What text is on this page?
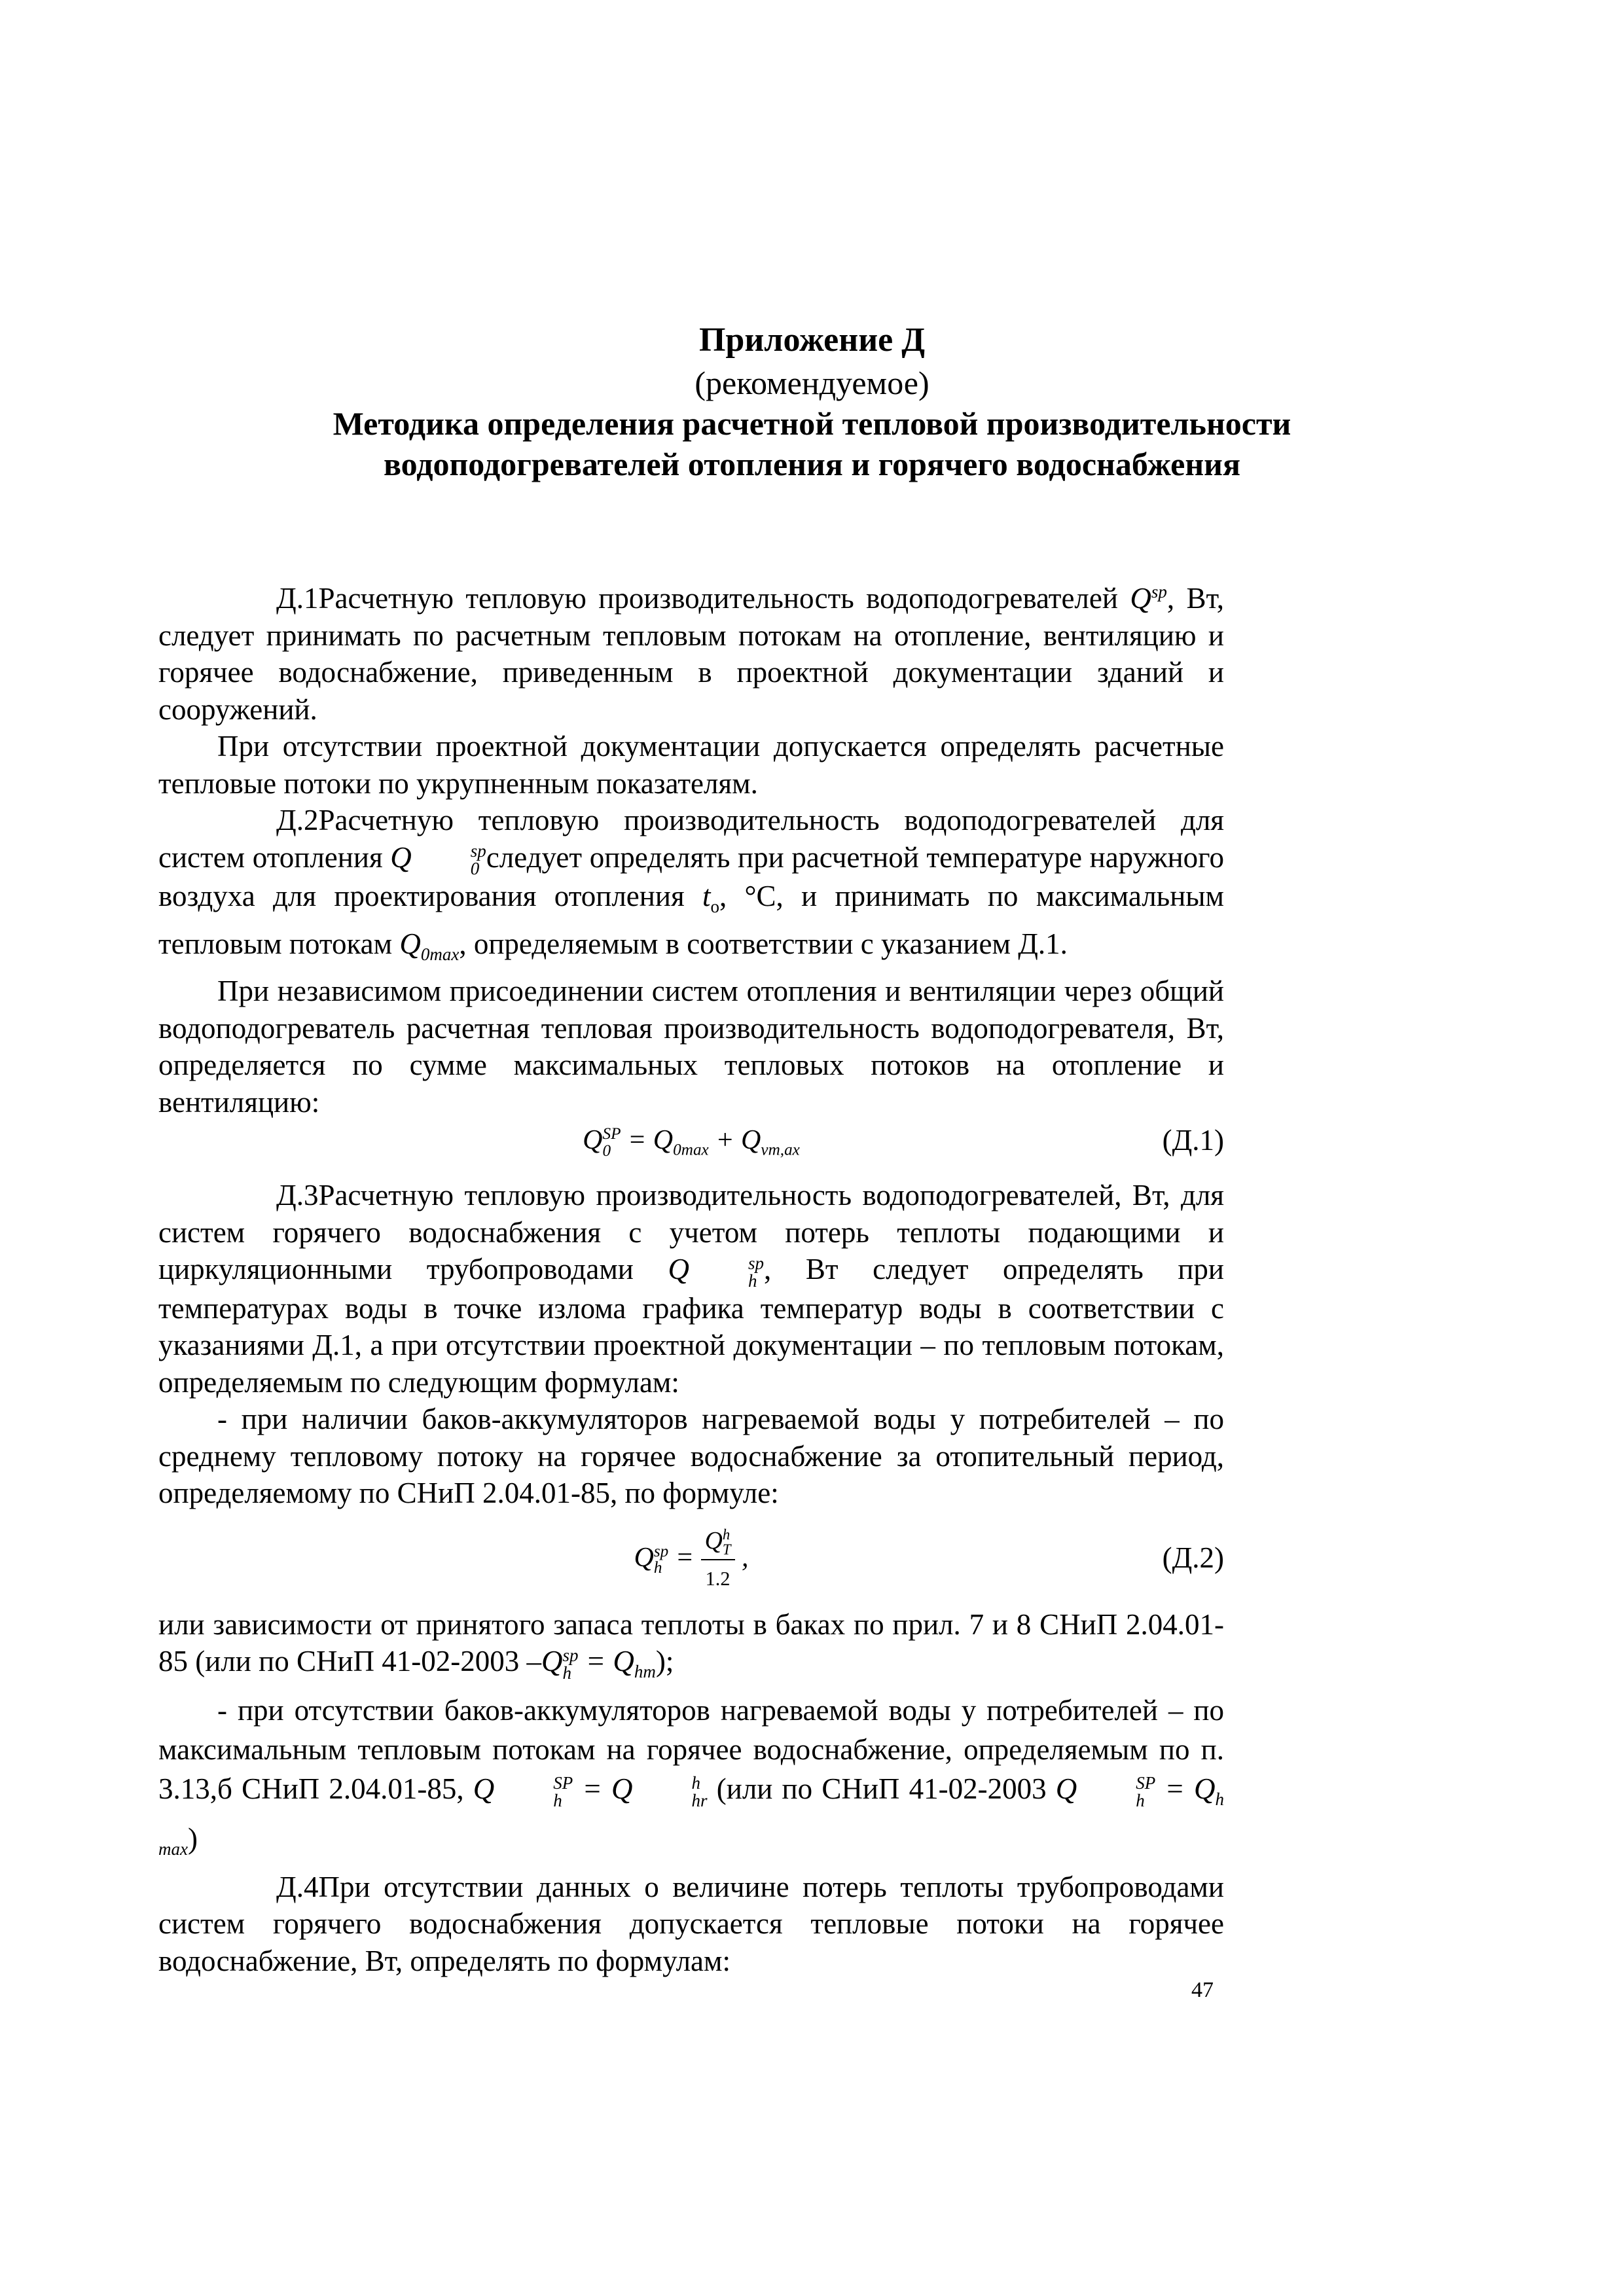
Приложение Д
(рекомендуемое)
Методика определения расчетной тепловой производительности
водоподогревателей отопления и горячего водоснабжения

Д.1Расчетную тепловую производительность водоподогревателей $Q^{sp}$, Вт, следует принимать по расчетным тепловым потокам на отопление, вентиляцию и горячее водоснабжение, приведенным в проектной документации зданий и сооружений.

При отсутствии проектной документации допускается определять расчетные тепловые потоки по укрупненным показателям.

Д.2Расчетную тепловую производительность водоподогревателей для систем отопления Q	sp
0 следует определять при расчетной температуре наружного воздуха для проектирования отопления $t_о$, °С, и принимать по максимальным тепловым потокам $Q_{0max}$, определяемым в соответствии с указанием Д.1.

При независимом присоединении систем отопления и вентиляции через общий водоподогреватель расчетная тепловая производительность водоподогревателя, Вт, определяется по сумме максимальных тепловых потоков на отопление и вентиляцию:

Q SP
$0 = Q_{0max} + Q_{vm,ax}$	(Д.1)

Д.3Расчетную тепловую производительность водоподогревателей, Вт, для систем горячего водоснабжения с учетом потерь теплоты подающими и циркуляционными трубопроводами Q	sp
h , Вт следует определять при температурах воды в точке излома графика температур воды в соответствии с указаниями Д.1, а при отсутствии проектной документации – по тепловым потокам, определяемым по следующим формулам:

- при наличии баков-аккумуляторов нагреваемой воды у потребителей – по среднему тепловому потоку на горячее водоснабжение за отопительный период, определяемому по СНиП 2.04.01-85, по формуле:

Q sp
h = Q h
T
1.2 ,	(Д.2)

или зависимости от принятого запаса теплоты в баках по прил. 7 и 8 СНиП 2.04.01-85 (или по СНиП 41-02-2003 –Q sp
$h = Q_{hm}$);

- при отсутствии баков-аккумуляторов нагреваемой воды у потребителей – по максимальным тепловым потокам на горячее водоснабжение, определяемым по п. 3.13,б СНиП 2.04.01-85, Q	SP
h = Q	h
hr (или по СНиП 41-02-2003 Q	SP
$h = Q_{h max}$)

Д.4При отсутствии данных о величине потерь теплоты трубопроводами систем горячего водоснабжения допускается тепловые потоки на горячее водоснабжение, Вт, определять по формулам:

47
